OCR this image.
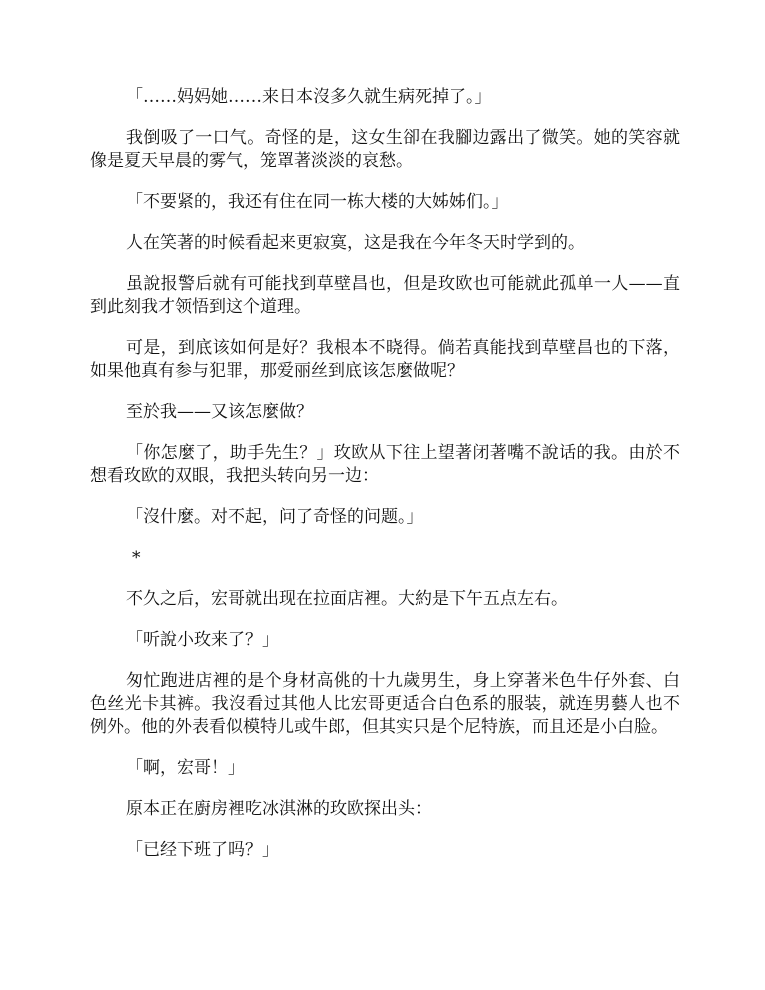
「……妈妈她……来日本沒多久就生病死掉了。」

我倒吸了一口气。奇怪的是，这女生卻在我腳边露出了微笑。她的笑容就像是夏天早晨的雾气，笼罩著淡淡的哀愁。

「不要紧的，我还有住在同一栋大楼的大姊姊们。」

人在笑著的时候看起来更寂寞，这是我在今年冬天时学到的。

虽說报警后就有可能找到草壁昌也，但是玫欧也可能就此孤单一人——直到此刻我才领悟到这个道理。

可是，到底该如何是好？我根本不晓得。倘若真能找到草壁昌也的下落，如果他真有参与犯罪，那爱丽丝到底该怎麼做呢？

至於我——又该怎麼做？

「你怎麼了，助手先生？」玫欧从下往上望著闭著嘴不說话的我。由於不想看玫欧的双眼，我把头转向另一边：

「沒什麼。对不起，问了奇怪的问题。」

*

不久之后，宏哥就出现在拉面店裡。大約是下午五点左右。

「听說小玫来了？」

匆忙跑进店裡的是个身材高佻的十九歲男生，身上穿著米色牛仔外套、白色丝光卡其裤。我沒看过其他人比宏哥更适合白色系的服装，就连男藝人也不例外。他的外表看似模特儿或牛郎，但其实只是个尼特族，而且还是小白脸。

「啊，宏哥！」

原本正在廚房裡吃冰淇淋的玫欧探出头：

「已经下班了吗？」
